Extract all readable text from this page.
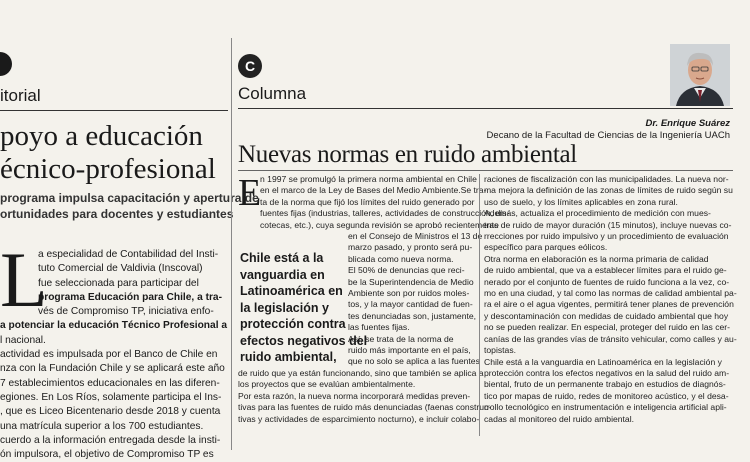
itorial
poyo a educación
écnico-profesional
programa impulsa capacitación y apertura de
ortunidades para docentes y estudiantes
L
a especialidad de Contabilidad del Insti-
tuto Comercial de Valdivia (Inscoval)
fue seleccionada para participar del
programa Educación para Chile, a tra-
vés de Compromiso TP, iniciativa enfo-
a potenciar la educación Técnico Profesional a
l nacional.
actividad es impulsada por el Banco de Chile en
nza con la Fundación Chile y se aplicará este año
7 establecimientos educacionales en las diferen-
egiones. En Los Ríos, solamente participa el Ins-
, que es Liceo Bicentenario desde 2018 y cuenta
una matrícula superior a los 700 estudiantes.
cuerdo a la información entregada desde la insti-
ón impulsora, el objetivo de Compromiso TP es
C
Columna
Dr. Enrique Suárez
Decano de la Facultad de Ciencias de la Ingeniería UACh
Nuevas normas en ruido ambiental
E
n 1997 se promulgó la primera norma ambiental en Chile
en el marco de la Ley de Bases del Medio Ambiente.Se tra-
ta de la norma que fijó los límites del ruido generado por
fuentes fijas (industrias, talleres, actividades de construcción, dis-
cotecas, etc.), cuya segunda revisión se aprobó recientemente
Chile está a la
vanguardia en
Latinoamérica en
la legislación y
protección contra
efectos negativos del
ruido ambiental,
en el Consejo de Ministros el 13 de
marzo pasado, y pronto será pu-
blicada como nueva norma.
El 50% de denuncias que reci-
be la Superintendencia de Medio
Ambiente son por ruidos moles-
tos, y la mayor cantidad de fuen-
tes denunciadas son, justamente,
las fuentes fijas.
Así, se trata de la norma de
ruido más importante en el país,
que no solo se aplica a las fuentes
de ruido que ya están funcionando, sino que también se aplica a
los proyectos que se evalúan ambientalmente.
Por esta razón, la nueva norma incorporará medidas preven-
tivas para las fuentes de ruido más denunciadas (faenas construc-
tivas y actividades de esparcimiento nocturno), e incluir colabo-
raciones de fiscalización con las municipalidades. La nueva nor-
ma mejora la definición de las zonas de límites de ruido según su
uso de suelo, y los límites aplicables en zona rural.
Además, actualiza el procedimiento de medición con mues-
tras de ruido de mayor duración (15 minutos), incluye nuevas co-
rrecciones por ruido impulsivo y un procedimiento de evaluación
específico para parques eólicos.
Otra norma en elaboración es la norma primaria de calidad
de ruido ambiental, que va a establecer límites para el ruido ge-
nerado por el conjunto de fuentes de ruido funciona a la vez, co-
mo en una ciudad, y tal como las normas de calidad ambiental pa-
ra el aire o el agua vigentes, permitirá tener planes de prevención
y descontaminación con medidas de cuidado ambiental que hoy
no se pueden realizar. En especial, proteger del ruido en las cer-
canías de las grandes vías de tránsito vehicular, como calles y au-
topistas.
Chile está a la vanguardia en Latinoamérica en la legislación y
protección contra los efectos negativos en la salud del ruido am-
biental, fruto de un permanente trabajo en estudios de diagnós-
tico por mapas de ruido, redes de monitoreo acústico, y el desa-
rrollo tecnológico en instrumentación e inteligencia artificial apli-
cadas al monitoreo del ruido ambiental.
